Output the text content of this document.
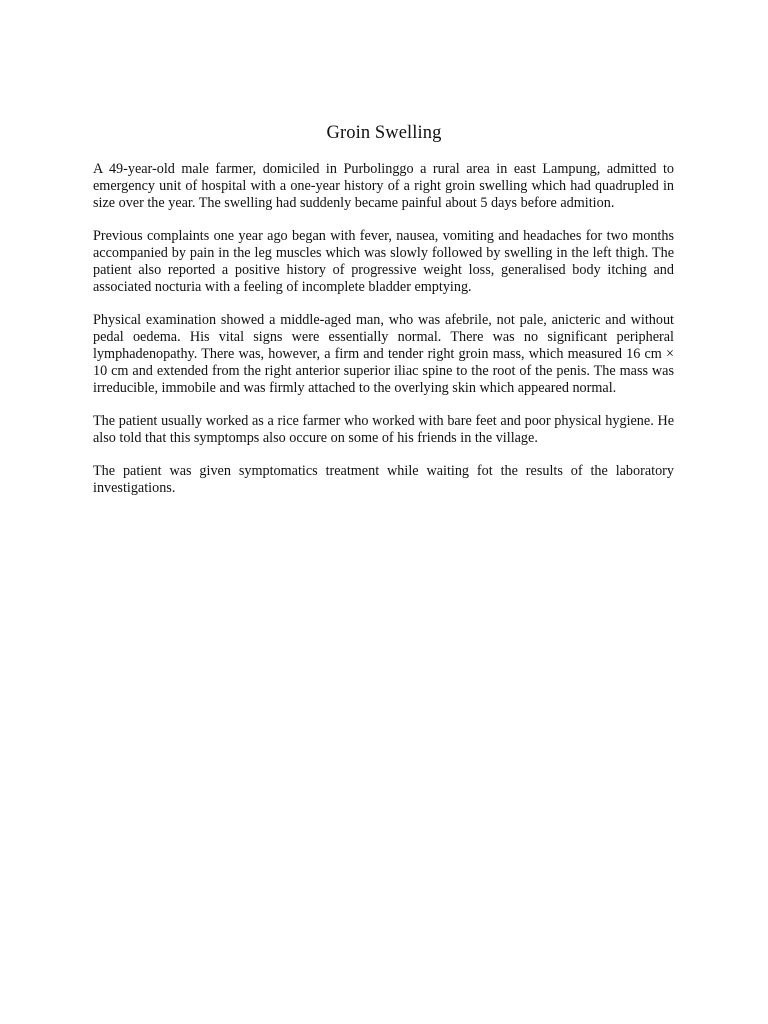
Groin Swelling

A 49-year-old male farmer, domiciled in Purbolinggo a rural area in east Lampung, admitted to emergency unit of hospital with a one-year history of a right groin swelling which had quadrupled in size over the year. The swelling had suddenly became painful about 5 days before admition.

Previous complaints one year ago began with fever, nausea, vomiting and headaches for two months accompanied by pain in the leg muscles which was slowly followed by swelling in the left thigh. The patient also reported a positive history of progressive weight loss, generalised body itching and associated nocturia with a feeling of incomplete bladder emptying.

Physical examination showed a middle-aged man, who was afebrile, not pale, anicteric and without pedal oedema. His vital signs were essentially normal. There was no significant peripheral lymphadenopathy. There was, however, a firm and tender right groin mass, which measured 16 cm × 10 cm and extended from the right anterior superior iliac spine to the root of the penis. The mass was irreducible, immobile and was firmly attached to the overlying skin which appeared normal.

The patient usually worked as a rice farmer who worked with bare feet and poor physical hygiene. He also told that this symptomps also occure on some of his friends in the village.

The patient was given symptomatics treatment while waiting fot the results of the laboratory investigations.
